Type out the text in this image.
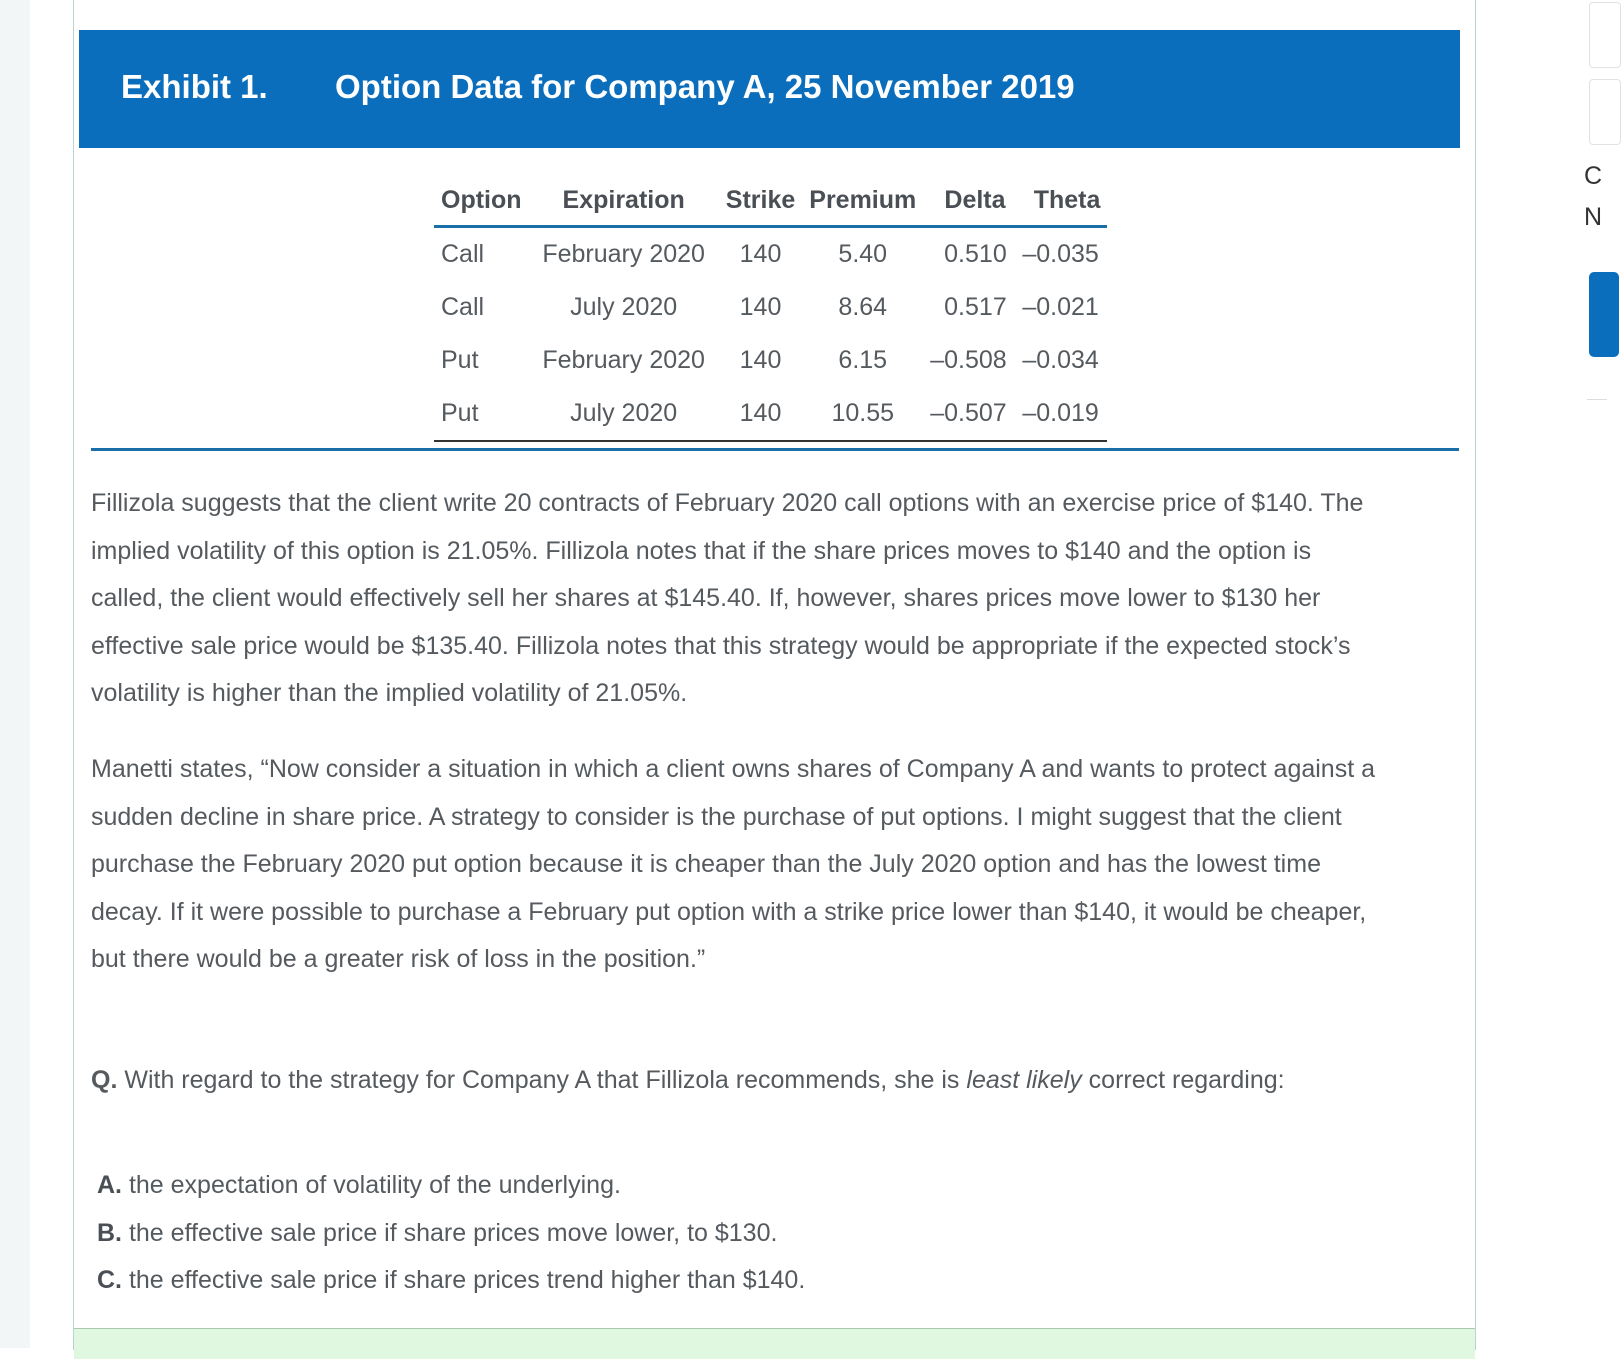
Exhibit 1. Option Data for Company A, 25 November 2019
Option	Expiration	Strike	Premium	Delta	Theta
Call	February 2020	140	5.40	0.510	–0.035
Call	July 2020	140	8.64	0.517	–0.021
Put	February 2020	140	6.15	–0.508	–0.034
Put	July 2020	140	10.55	–0.507	–0.019
Fillizola suggests that the client write 20 contracts of February 2020 call options with an exercise price of $140. The
implied volatility of this option is 21.05%. Fillizola notes that if the share prices moves to $140 and the option is
called, the client would effectively sell her shares at $145.40. If, however, shares prices move lower to $130 her
effective sale price would be $135.40. Fillizola notes that this strategy would be appropriate if the expected stock’s
volatility is higher than the implied volatility of 21.05%.
Manetti states, “Now consider a situation in which a client owns shares of Company A and wants to protect against a
sudden decline in share price. A strategy to consider is the purchase of put options. I might suggest that the client
purchase the February 2020 put option because it is cheaper than the July 2020 option and has the lowest time
decay. If it were possible to purchase a February put option with a strike price lower than $140, it would be cheaper,
but there would be a greater risk of loss in the position.”
Q. With regard to the strategy for Company A that Fillizola recommends, she is least likely correct regarding:
A. the expectation of volatility of the underlying.
B. the effective sale price if share prices move lower, to $130.
C. the effective sale price if share prices trend higher than $140.
C
N
